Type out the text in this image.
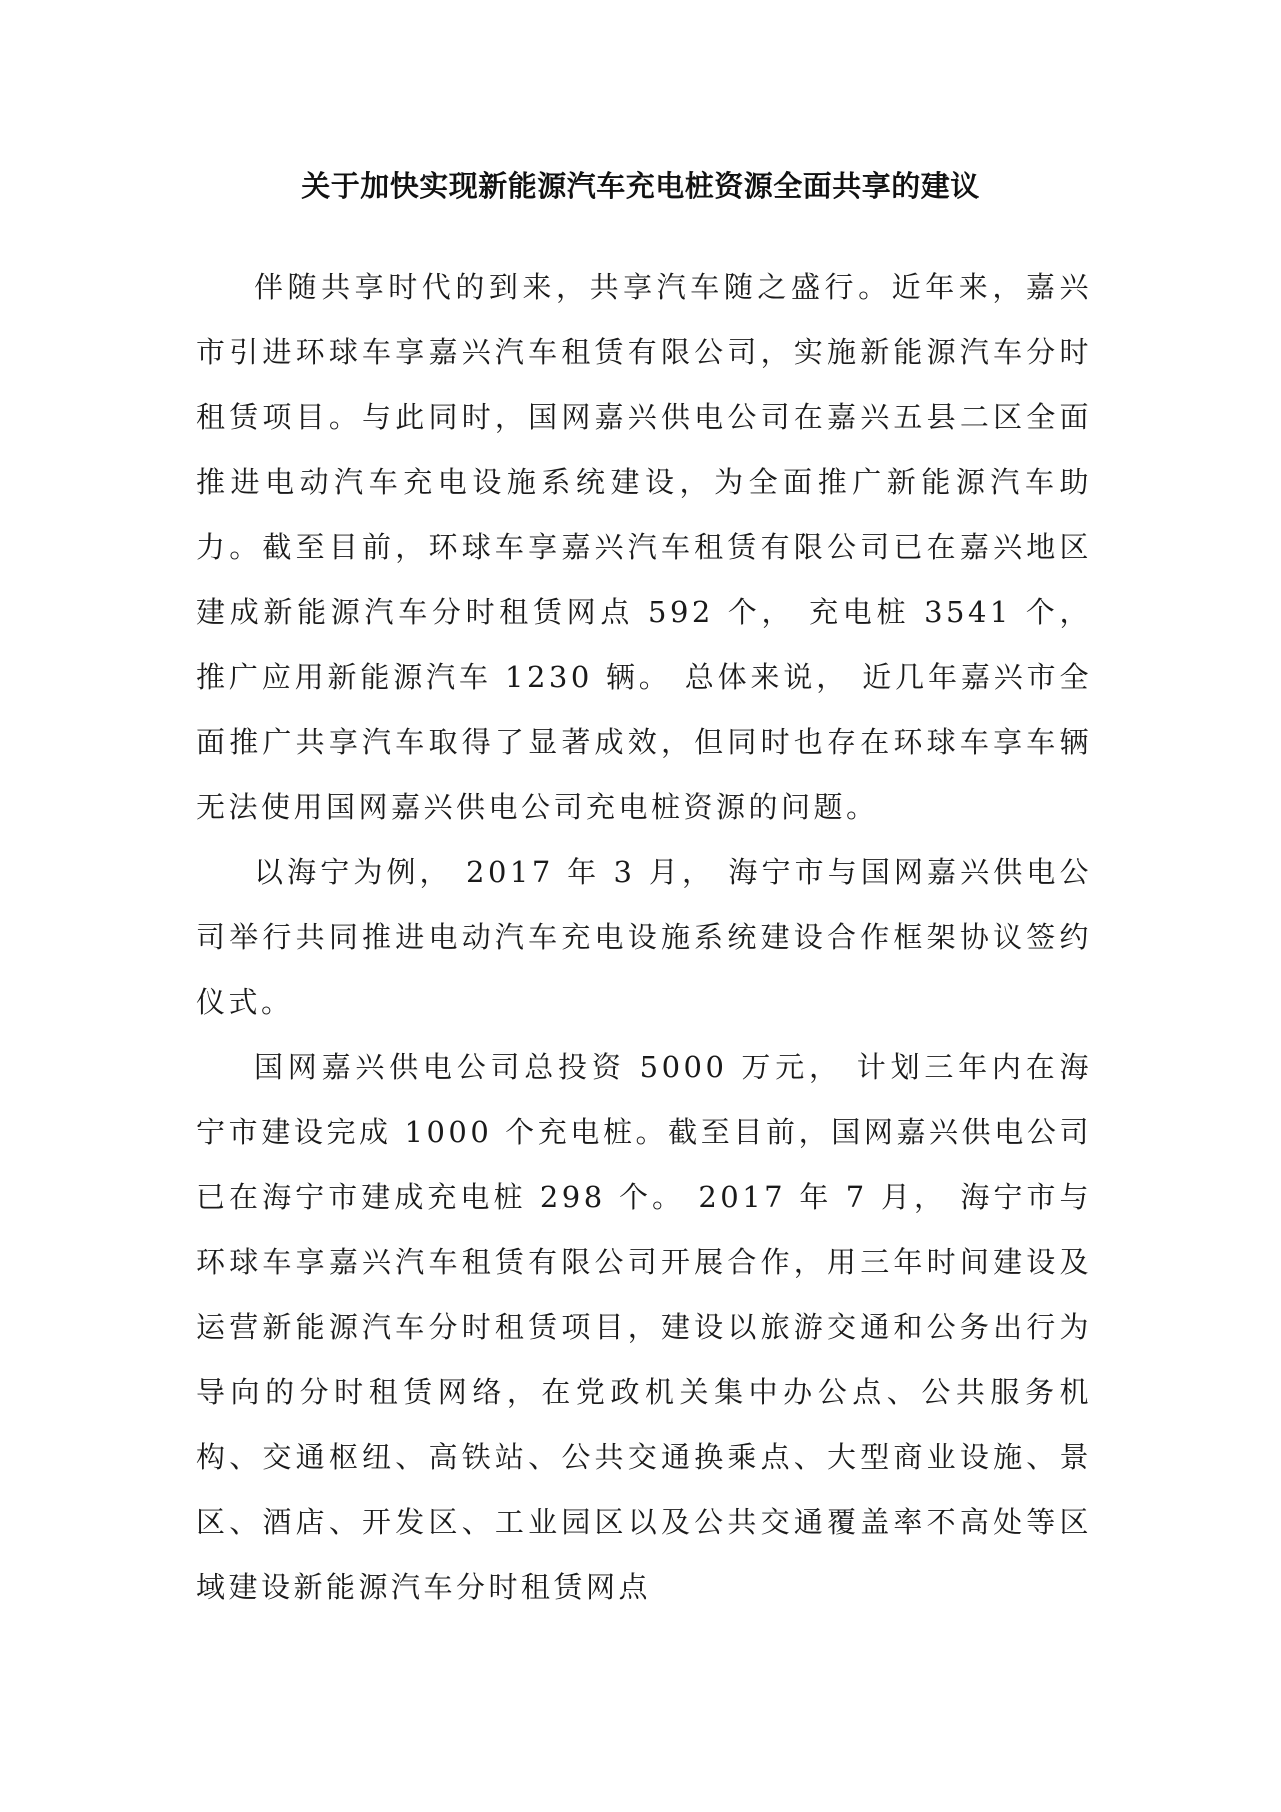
关于加快实现新能源汽车充电桩资源全面共享的建议

伴随共享时代的到来，共享汽车随之盛行。近年来，嘉兴市引进环球车享嘉兴汽车租赁有限公司，实施新能源汽车分时租赁项目。与此同时，国网嘉兴供电公司在嘉兴五县二区全面推进电动汽车充电设施系统建设，为全面推广新能源汽车助力。截至目前，环球车享嘉兴汽车租赁有限公司已在嘉兴地区建成新能源汽车分时租赁网点 592 个， 充电桩 3541 个， 推广应用新能源汽车 1230 辆。 总体来说， 近几年嘉兴市全面推广共享汽车取得了显著成效，但同时也存在环球车享车辆无法使用国网嘉兴供电公司充电桩资源的问题。

以海宁为例， 2017 年 3 月， 海宁市与国网嘉兴供电公司举行共同推进电动汽车充电设施系统建设合作框架协议签约仪式。

国网嘉兴供电公司总投资 5000 万元， 计划三年内在海宁市建设完成 1000 个充电桩。截至目前，国网嘉兴供电公司已在海宁市建成充电桩 298 个。 2017 年 7 月， 海宁市与环球车享嘉兴汽车租赁有限公司开展合作，用三年时间建设及运营新能源汽车分时租赁项目，建设以旅游交通和公务出行为导向的分时租赁网络，在党政机关集中办公点、公共服务机构、交通枢纽、高铁站、公共交通换乘点、大型商业设施、景区、酒店、开发区、工业园区以及公共交通覆盖率不高处等区域建设新能源汽车分时租赁网点
